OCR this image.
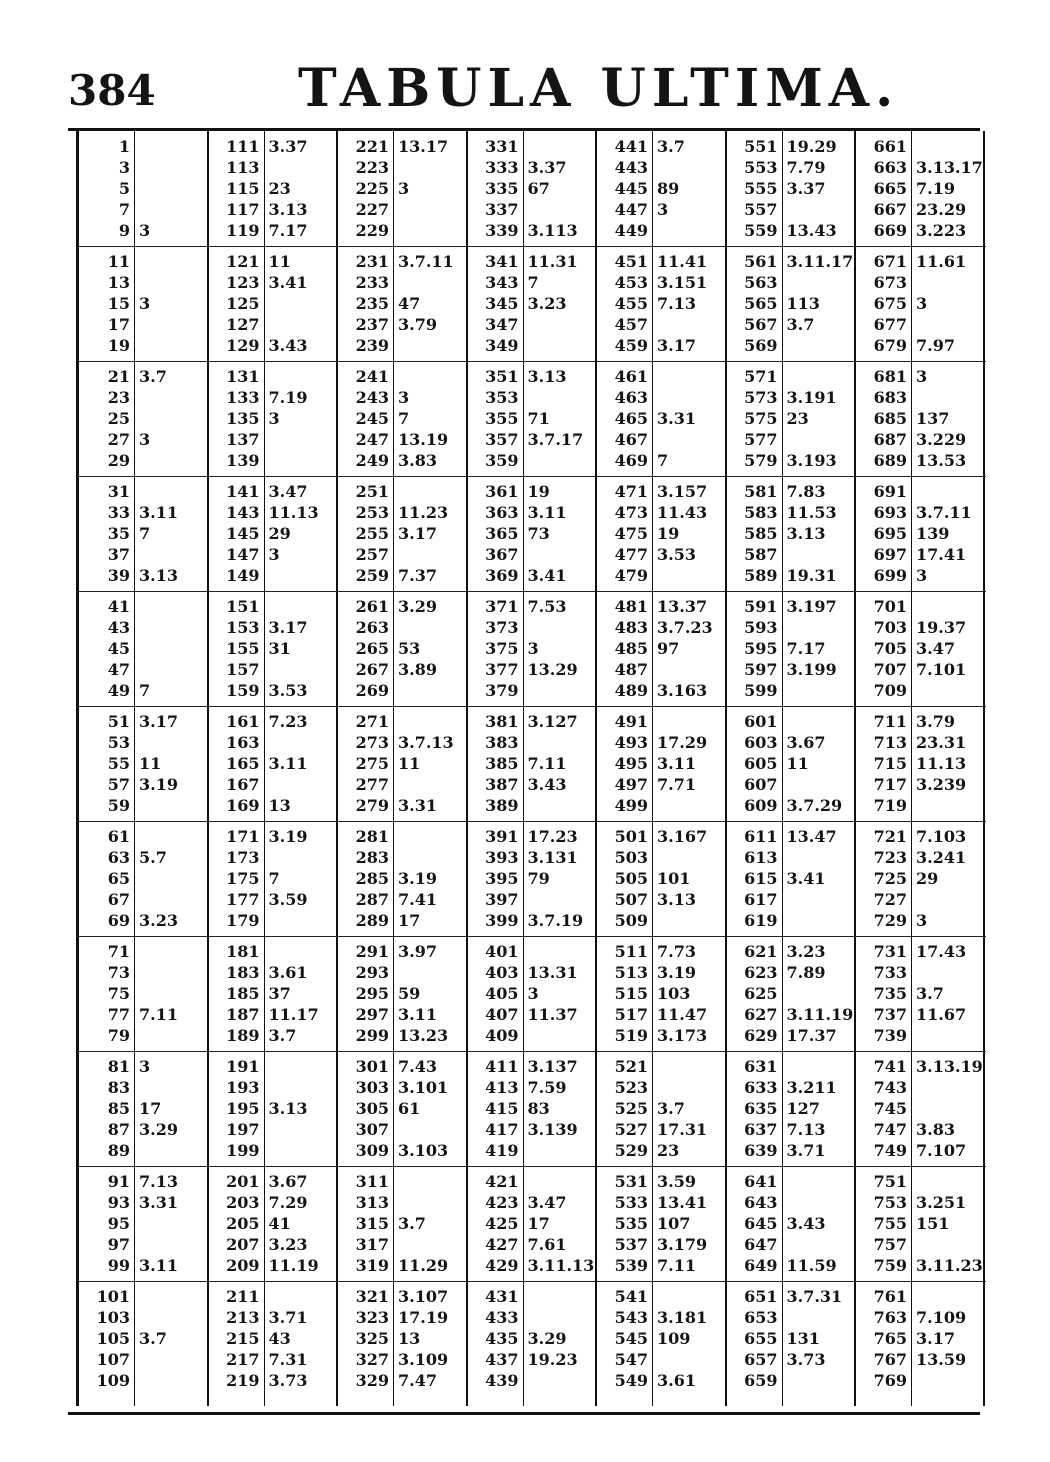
384	TABULA ULTIMA.
1
3
5
7
9
11
13
15
17
19
21
23
25
27
29
31
33
35
37
39
41
43
45
47
49
51
53
55
57
59
61
63
65
67
69
71
73
75
77
79
81
83
85
87
89
91
93
95
97
99
101
103
105
107
109
3
3
3.7
3
3.11
7
3.13
7
3.17
11
3.19
5.7
3.23
7.11
3
17
3.29
7.13
3.31
3.11
3.7
111
113
115
117
119
121
123
125
127
129
131
133
135
137
139
141
143
145
147
149
151
153
155
157
159
161
163
165
167
169
171
173
175
177
179
181
183
185
187
189
191
193
195
197
199
201
203
205
207
209
211
213
215
217
219
3.37
23
3.13
7.17
11
3.41
3.43
7.19
3
3.47
11.13
29
3
3.17
31
3.53
7.23
3.11
13
3.19
7
3.59
3.61
37
11.17
3.7
3.13
3.67
7.29
41
3.23
11.19
3.71
43
7.31
3.73
221
223
225
227
229
231
233
235
237
239
241
243
245
247
249
251
253
255
257
259
261
263
265
267
269
271
273
275
277
279
281
283
285
287
289
291
293
295
297
299
301
303
305
307
309
311
313
315
317
319
321
323
325
327
329
13.17
3
3.7.11
47
3.79
3
7
13.19
3.83
11.23
3.17
7.37
3.29
53
3.89
3.7.13
11
3.31
3.19
7.41
17
3.97
59
3.11
13.23
7.43
3.101
61
3.103
3.7
11.29
3.107
17.19
13
3.109
7.47
331
333
335
337
339
341
343
345
347
349
351
353
355
357
359
361
363
365
367
369
371
373
375
377
379
381
383
385
387
389
391
393
395
397
399
401
403
405
407
409
411
413
415
417
419
421
423
425
427
429
431
433
435
437
439
3.37
67
3.113
11.31
7
3.23
3.13
71
3.7.17
19
3.11
73
3.41
7.53
3
13.29
3.127
7.11
3.43
17.23
3.131
79
3.7.19
13.31
3
11.37
3.137
7.59
83
3.139
3.47
17
7.61
3.11.13
3.29
19.23
441
443
445
447
449
451
453
455
457
459
461
463
465
467
469
471
473
475
477
479
481
483
485
487
489
491
493
495
497
499
501
503
505
507
509
511
513
515
517
519
521
523
525
527
529
531
533
535
537
539
541
543
545
547
549
3.7
89
3
11.41
3.151
7.13
3.17
3.31
7
3.157
11.43
19
3.53
13.37
3.7.23
97
3.163
17.29
3.11
7.71
3.167
101
3.13
7.73
3.19
103
11.47
3.173
3.7
17.31
23
3.59
13.41
107
3.179
7.11
3.181
109
3.61
551
553
555
557
559
561
563
565
567
569
571
573
575
577
579
581
583
585
587
589
591
593
595
597
599
601
603
605
607
609
611
613
615
617
619
621
623
625
627
629
631
633
635
637
639
641
643
645
647
649
651
653
655
657
659
19.29
7.79
3.37
13.43
3.11.17
113
3.7
3.191
23
3.193
7.83
11.53
3.13
19.31
3.197
7.17
3.199
3.67
11
3.7.29
13.47
3.41
3.23
7.89
3.11.19
17.37
3.211
127
7.13
3.71
3.43
11.59
3.7.31
131
3.73
661
663
665
667
669
671
673
675
677
679
681
683
685
687
689
691
693
695
697
699
701
703
705
707
709
711
713
715
717
719
721
723
725
727
729
731
733
735
737
739
741
743
745
747
749
751
753
755
757
759
761
763
765
767
769
3.13.17
7.19
23.29
3.223
11.61
3
7.97
3
137
3.229
13.53
3.7.11
139
17.41
3
19.37
3.47
7.101
3.79
23.31
11.13
3.239
7.103
3.241
29
3
17.43
3.7
11.67
3.13.19
3.83
7.107
3.251
151
3.11.23
7.109
3.17
13.59
